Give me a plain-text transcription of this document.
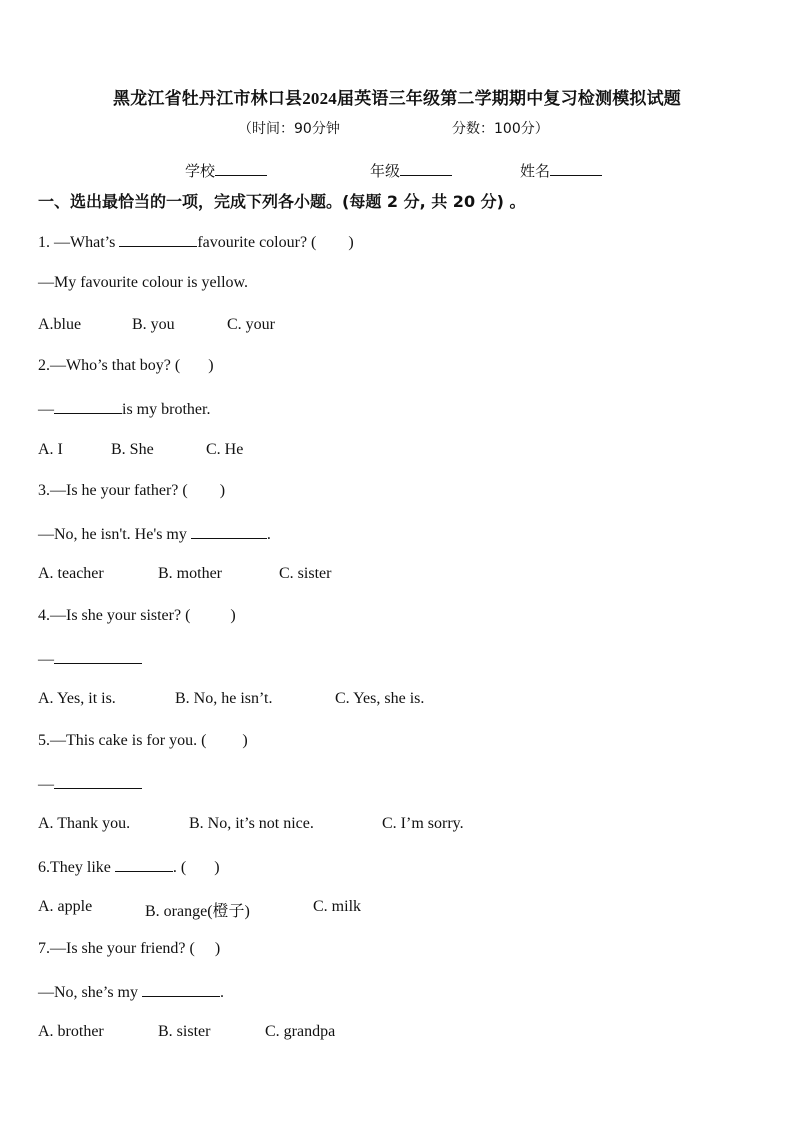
黑龙江省牡丹江市林口县2024届英语三年级第二学期期中复习检测模拟试题
（时间：90分钟	分数：100分）
学校	年级	姓名
一、选出最恰当的一项，完成下列各小题。(每题 2 分, 共 20 分) 。
1. —What’s	favourite colour? (        )
—My favourite colour is yellow.
A.blue	B. you	C. your
2.—Who’s that boy? (       )
—	is my brother.
A. I	B. She	C. He
3.—Is he your father? (        )
—No, he isn't. He's my	.
A. teacher	B. mother	C. sister
4.—Is she your sister? (          )
—
A. Yes, it is.	B. No, he isn’t.	C. Yes, she is.
5.—This cake is for you. (         )
—
A. Thank you.	B. No, it’s not nice.	C. I’m sorry.
6.They like	. (       )
A. apple	B. orange(橙子)	C. milk
7.—Is she your friend? (     )
—No, she’s my	.
A. brother	B. sister	C. grandpa
